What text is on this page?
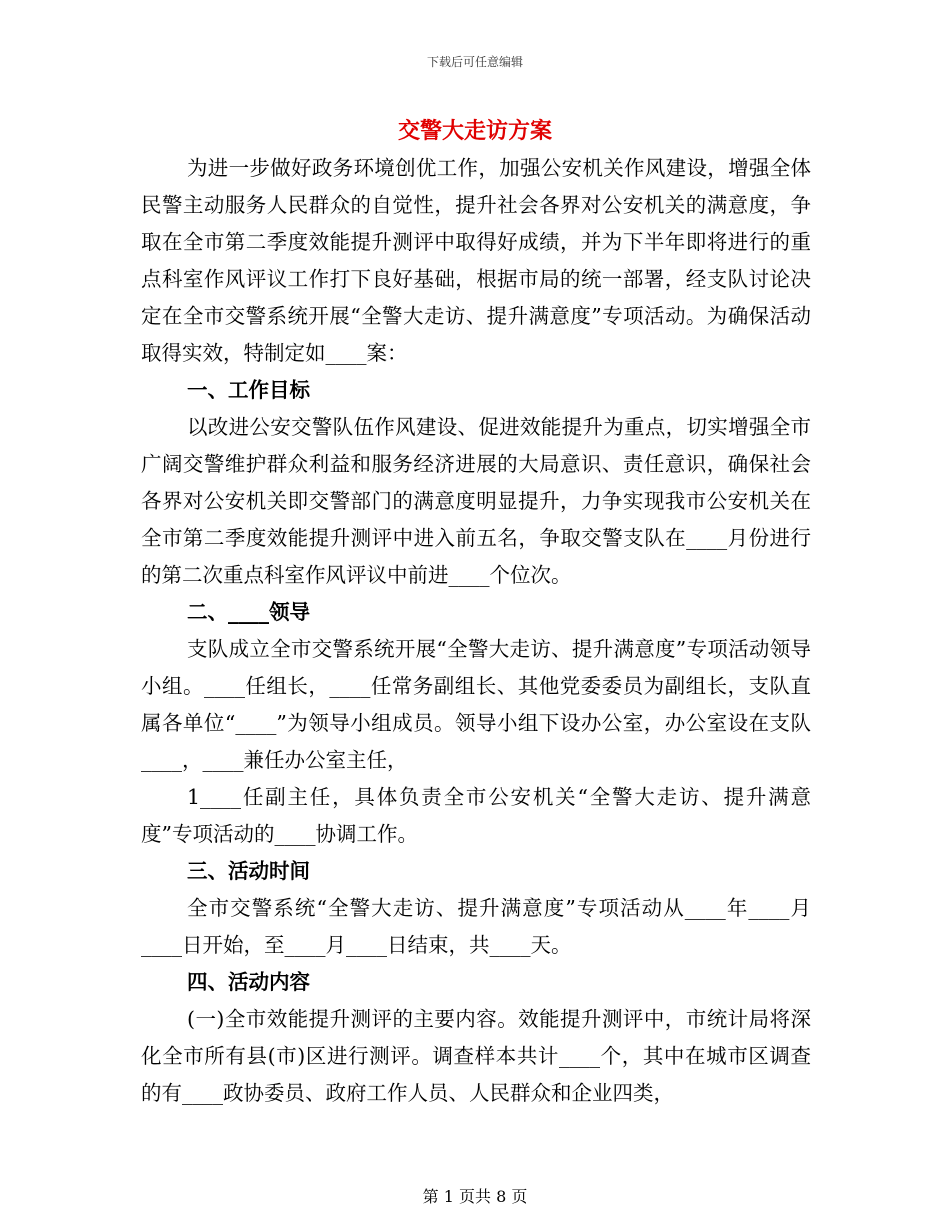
下载后可任意编辑
交警大走访方案

为进一步做好政务环境创优工作，加强公安机关作风建设，增强全体民警主动服务人民群众的自觉性，提升社会各界对公安机关的满意度，争取在全市第二季度效能提升测评中取得好成绩，并为下半年即将进行的重点科室作风评议工作打下良好基础，根据市局的统一部署，经支队讨论决定在全市交警系统开展“全警大走访、提升满意度”专项活动。为确保活动取得实效，特制定如____案：

一、工作目标

以改进公安交警队伍作风建设、促进效能提升为重点，切实增强全市广阔交警维护群众利益和服务经济进展的大局意识、责任意识，确保社会各界对公安机关即交警部门的满意度明显提升，力争实现我市公安机关在全市第二季度效能提升测评中进入前五名，争取交警支队在____月份进行的第二次重点科室作风评议中前进____个位次。

二、____领导

支队成立全市交警系统开展“全警大走访、提升满意度”专项活动领导小组。____任组长，____任常务副组长、其他党委委员为副组长，支队直属各单位“____”为领导小组成员。领导小组下设办公室，办公室设在支队____，____兼任办公室主任，

1____任副主任，具体负责全市公安机关“全警大走访、提升满意度”专项活动的____协调工作。

三、活动时间

全市交警系统“全警大走访、提升满意度”专项活动从____年____月____日开始，至____月____日结束，共____天。

四、活动内容

(一)全市效能提升测评的主要内容。效能提升测评中，市统计局将深化全市所有县(市)区进行测评。调查样本共计____个，其中在城市区调查的有____政协委员、政府工作人员、人民群众和企业四类，

第 1 页共 8 页
